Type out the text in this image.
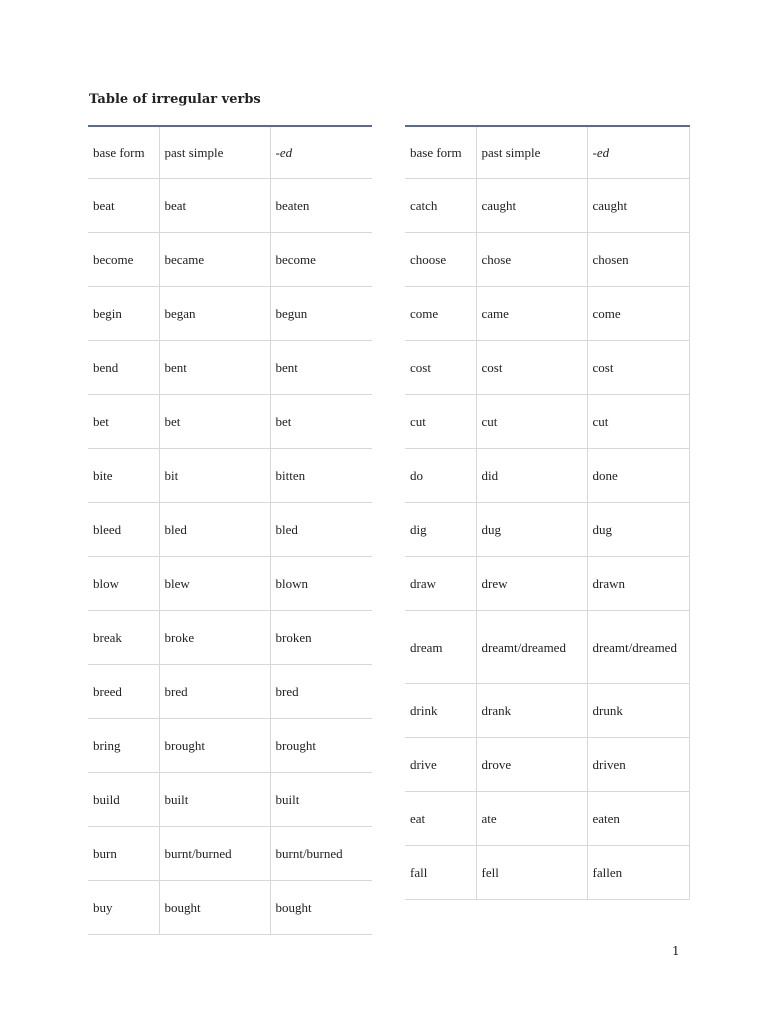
Table of irregular verbs
base form	past simple	-ed
beat	beat	beaten
become	became	become
begin	began	begun
bend	bent	bent
bet	bet	bet
bite	bit	bitten
bleed	bled	bled
blow	blew	blown
break	broke	broken
breed	bred	bred
bring	brought	brought
build	built	built
burn	burnt/burned	burnt/burned
buy	bought	bought
base form	past simple	-ed
catch	caught	caught
choose	chose	chosen
come	came	come
cost	cost	cost
cut	cut	cut
do	did	done
dig	dug	dug
draw	drew	drawn
dream	dreamt/dreamed	dreamt/dreamed
drink	drank	drunk
drive	drove	driven
eat	ate	eaten
fall	fell	fallen
1
